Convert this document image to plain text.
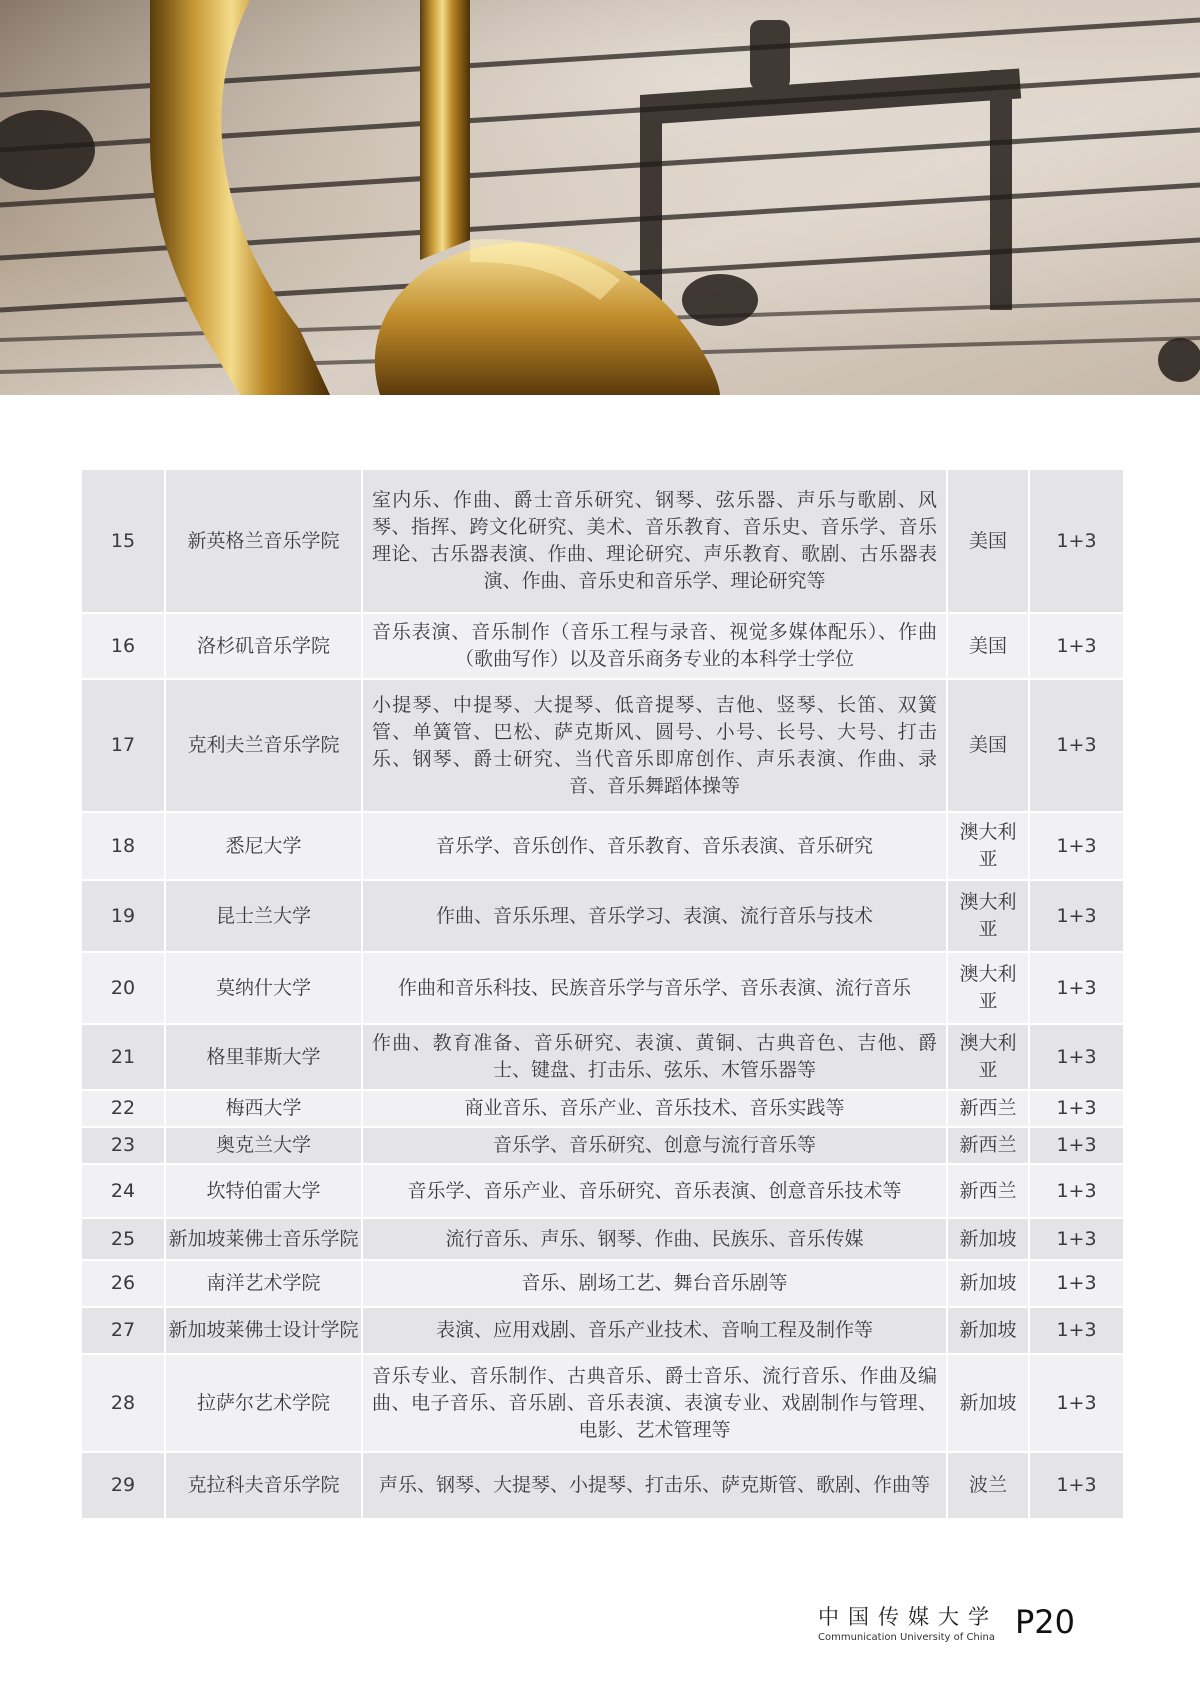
15	新英格兰音乐学院	室内乐、作曲、爵士音乐研究、钢琴、弦乐器、声乐与歌剧、风琴、指挥、跨文化研究、美术、音乐教育、音乐史、音乐学、音乐理论、古乐器表演、作曲、理论研究、声乐教育、歌剧、古乐器表演、作曲、音乐史和音乐学、理论研究等	美国	1+3
16	洛杉矶音乐学院	音乐表演、音乐制作（音乐工程与录音、视觉多媒体配乐）、作曲（歌曲写作）以及音乐商务专业的本科学士学位	美国	1+3
17	克利夫兰音乐学院	小提琴、中提琴、大提琴、低音提琴、吉他、竖琴、长笛、双簧管、单簧管、巴松、萨克斯风、圆号、小号、长号、大号、打击乐、钢琴、爵士研究、当代音乐即席创作、声乐表演、作曲、录音、音乐舞蹈体操等	美国	1+3
18	悉尼大学	音乐学、音乐创作、音乐教育、音乐表演、音乐研究	澳大利亚	1+3
19	昆士兰大学	作曲、音乐乐理、音乐学习、表演、流行音乐与技术	澳大利亚	1+3
20	莫纳什大学	作曲和音乐科技、民族音乐学与音乐学、音乐表演、流行音乐	澳大利亚	1+3
21	格里菲斯大学	作曲、教育准备、音乐研究、表演、黄铜、古典音色、吉他、爵士、键盘、打击乐、弦乐、木管乐器等	澳大利亚	1+3
22	梅西大学	商业音乐、音乐产业、音乐技术、音乐实践等	新西兰	1+3
23	奥克兰大学	音乐学、音乐研究、创意与流行音乐等	新西兰	1+3
24	坎特伯雷大学	音乐学、音乐产业、音乐研究、音乐表演、创意音乐技术等	新西兰	1+3
25	新加坡莱佛士音乐学院	流行音乐、声乐、钢琴、作曲、民族乐、音乐传媒	新加坡	1+3
26	南洋艺术学院	音乐、剧场工艺、舞台音乐剧等	新加坡	1+3
27	新加坡莱佛士设计学院	表演、应用戏剧、音乐产业技术、音响工程及制作等	新加坡	1+3
28	拉萨尔艺术学院	音乐专业、音乐制作、古典音乐、爵士音乐、流行音乐、作曲及编曲、电子音乐、音乐剧、音乐表演、表演专业、戏剧制作与管理、电影、艺术管理等	新加坡	1+3
29	克拉科夫音乐学院	声乐、钢琴、大提琴、小提琴、打击乐、萨克斯管、歌剧、作曲等	波兰	1+3
中国传媒大学
Communication University of China P20
